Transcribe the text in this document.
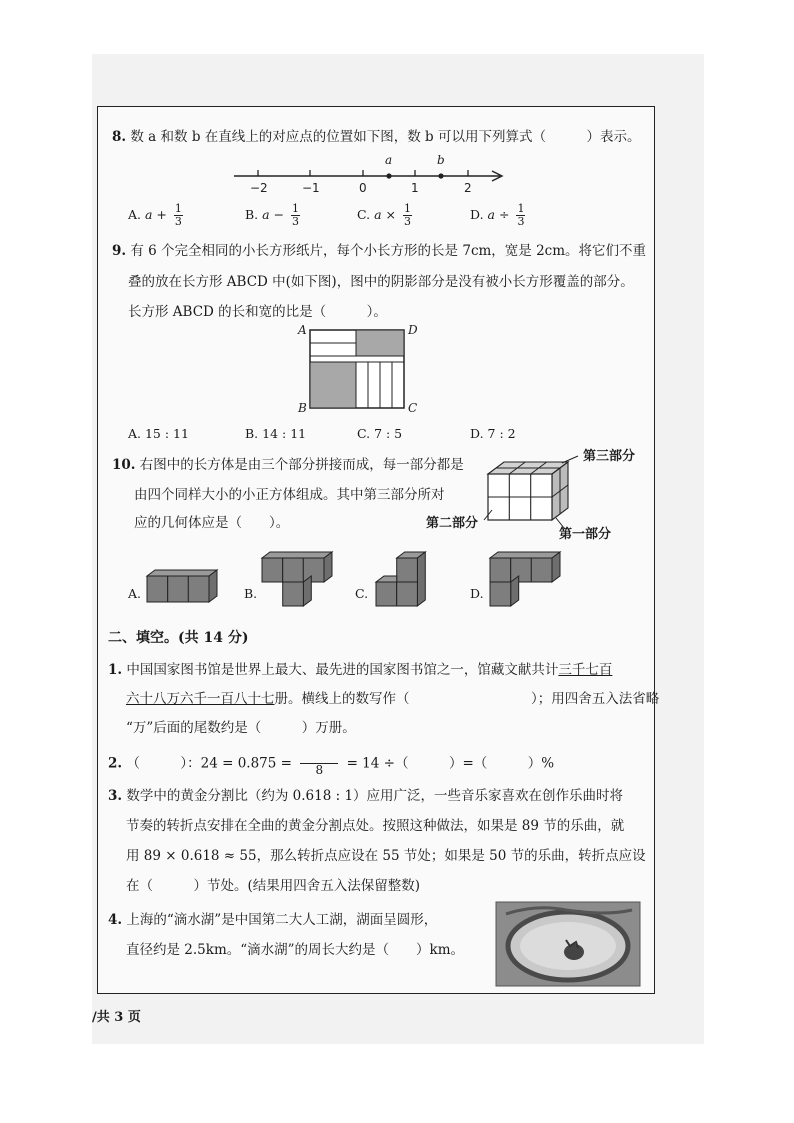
8. 数 a 和数 b 在直线上的对应点的位置如下图，数 b 可以用下列算式（　　　）表示。
−2	−1	0	1	2
a	b
A. $a + \frac{1}{3}$	B. $a - \frac{1}{3}$	C. $a \times \frac{1}{3}$	D. $a \div \frac{1}{3}$
9. 有 6 个完全相同的小长方形纸片，每个小长方形的长是 7cm，宽是 2cm。将它们不重
叠的放在长方形 ABCD 中(如下图)，图中的阴影部分是没有被小长方形覆盖的部分。
长方形 ABCD 的长和宽的比是（　　　）。
A	D
B	C
A. 15 : 11	B. 14 : 11	C. 7 : 5	D. 7 : 2
10. 右图中的长方体是由三个部分拼接而成，每一部分都是
由四个同样大小的小正方体组成。其中第三部分所对
应的几何体应是（　　）。
第三部分
第二部分
第一部分
A.	B.	C.	D.
二、填空。(共 14 分)
1. 中国国家图书馆是世界上最大、最先进的国家图书馆之一，馆藏文献共计三千七百
六十八万六千一百八十七册。横线上的数写作（　　　　　　　　　）；用四舍五入法省略
“万”后面的尾数约是（　　　）万册。
2. （　　　）：24 = 0.875 =	8	= 14 ÷（　　　）=（　　　）%
3. 数学中的黄金分割比（约为 0.618 : 1）应用广泛，一些音乐家喜欢在创作乐曲时将
节奏的转折点安排在全曲的黄金分割点处。按照这种做法，如果是 89 节的乐曲，就
用 89 × 0.618 ≈ 55，那么转折点应设在 55 节处；如果是 50 节的乐曲，转折点应设
在（　　　）节处。(结果用四舍五入法保留整数)
4. 上海的“滴水湖”是中国第二大人工湖，湖面呈圆形，
直径约是 2.5km。“滴水湖”的周长大约是（　　）km。
/共 3 页
